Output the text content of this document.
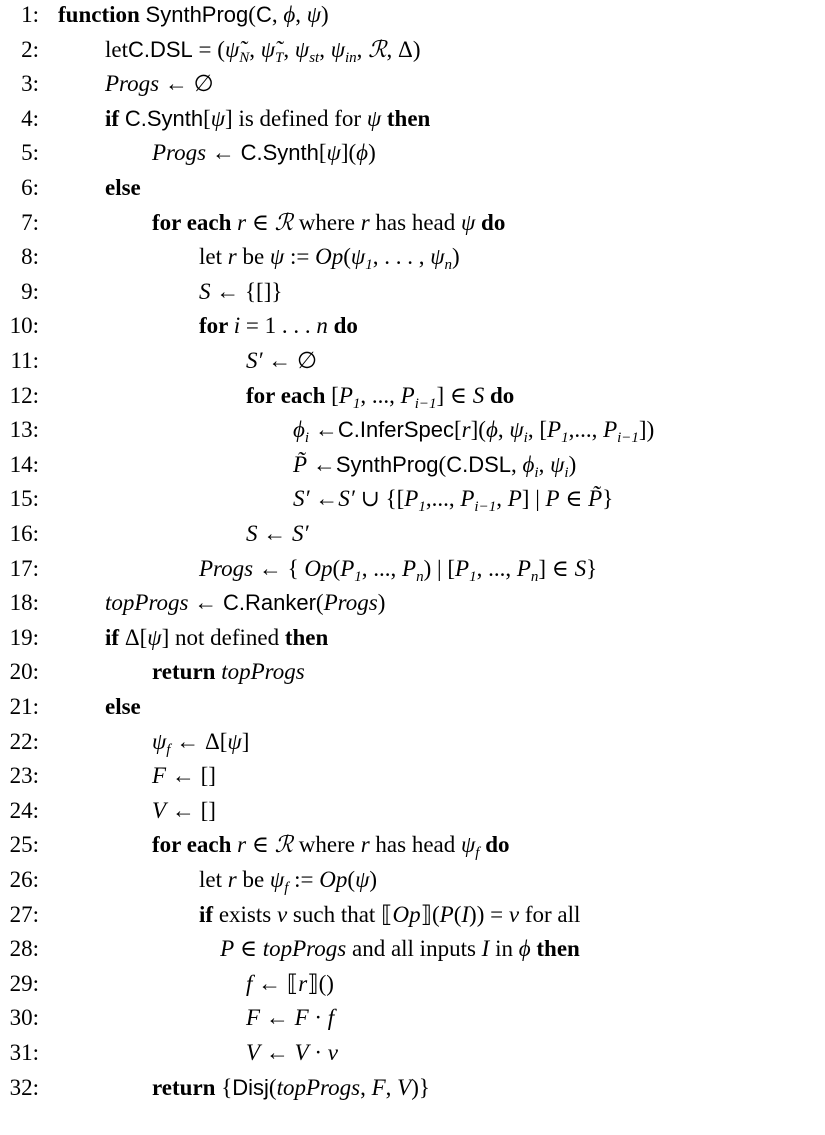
1: function SynthProg(C, ϕ, ψ)
2:	letC.DSL = ($\psĩ_N$, $\psĩ_T$, $\psi_{st}$, $\psi_{in}$, ℛ, Δ)
3:	Progs ← ∅
4:	if C.Synth[ψ] is defined for ψ then
5:	Progs ← C.Synth[ψ](ϕ)
6:	else
7:	for each r ∈ ℛ where r has head ψ do
8:	let r be ψ := $Op(\psi_1$, . . . , $\psi_n$)
9:	S ← {[]}
10:	for i = 1 . . . n do
11:	S′ ← ∅
12:	for each [$P_1$, ..., $P_{i-1}$] ∈ S do
13:	$\phi_i$ ←C.InferSpec[r](ϕ, $\psi_i$, [$P_1$,..., $P_{i-1}$])
14:	P̃ ←SynthProg(C.DSL, $\phi_i$, $\psi_i$)
15:	S′ ←S′ ∪ {[$P_1$,..., $P_{i-1}$, P] | P ∈ P̃}
16:	S ← S′
17:	Progs ← { $Op(P_1$, ..., $P_n$) | [$P_1$, ..., $P_n$] ∈ S}
18:	topProgs ← C.Ranker(Progs)
19:	if Δ[ψ] not defined then
20:	return topProgs
21:	else
22:	$\psi_f$ ← Δ[ψ]
23:	F ← []
24:	V ← []
25:	for each r ∈ ℛ where r has head $\psi_f$ do
26:	let r be $\psi_f$ := Op(ψ)
27:	if exists v such that ⟦Op⟧(P(I)) = v for all
28:	P ∈ topProgs and all inputs I in ϕ then
29:	f ← ⟦r⟧()
30:	F ← F · f
31:	V ← V · v
32:	return {Disj(topProgs, F, V)}
